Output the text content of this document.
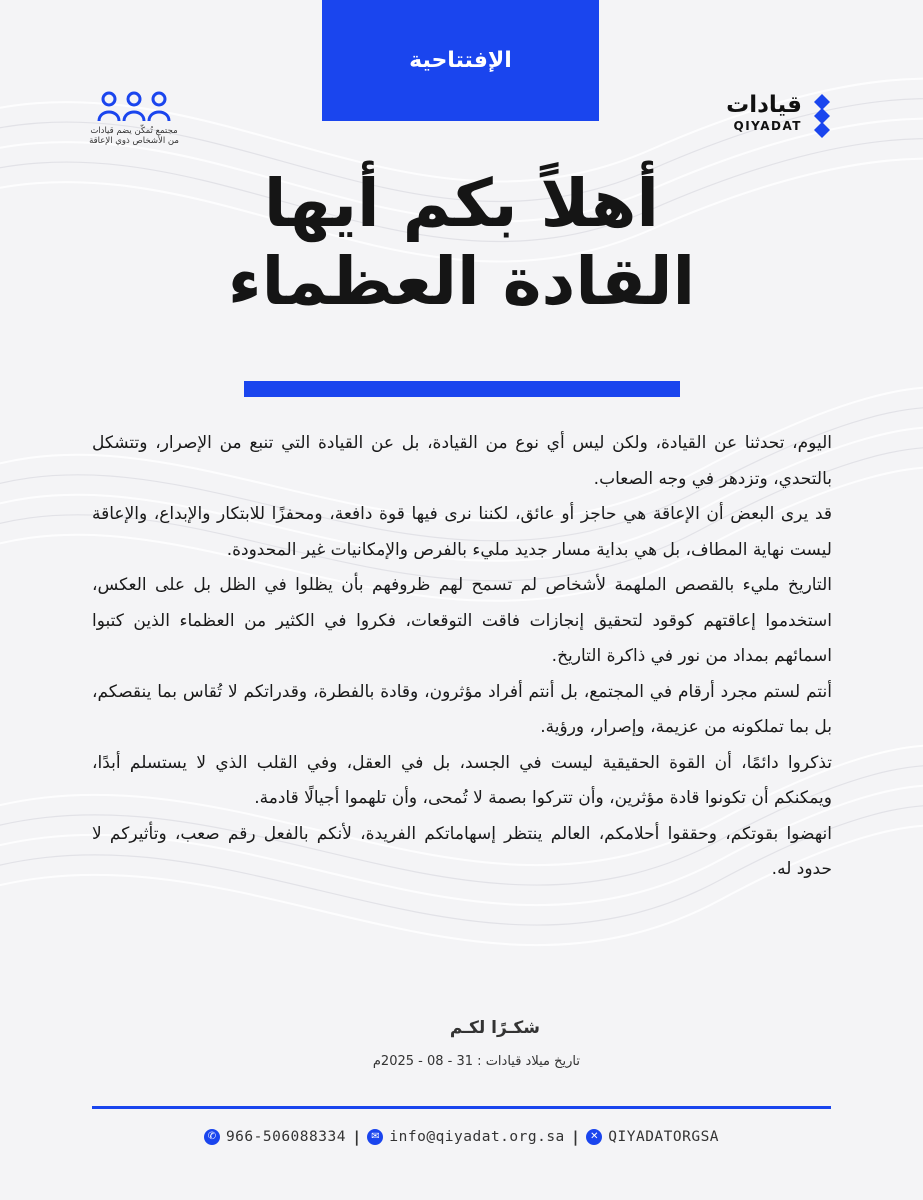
الإفتتاحية
مجتمع تُمكّن يضم قيادات
من الأشخاص ذوي الإعاقة
قيادات
QIYADAT
أهلاً بكم أيها
القادة العظماء

اليوم، تحدثنا عن القيادة، ولكن ليس أي نوع من القيادة، بل عن القيادة التي تنبع من الإصرار، وتتشكل بالتحدي، وتزدهر في وجه الصعاب.

قد يرى البعض أن الإعاقة هي حاجز أو عائق، لكننا نرى فيها قوة دافعة، ومحفزًا للابتكار والإبداع، والإعاقة ليست نهاية المطاف، بل هي بداية مسار جديد مليء بالفرص والإمكانيات غير المحدودة.

التاريخ مليء بالقصص الملهمة لأشخاص لم تسمح لهم ظروفهم بأن يظلوا في الظل بل على العكس، استخدموا إعاقتهم كوقود لتحقيق إنجازات فاقت التوقعات، فكروا في الكثير من العظماء الذين كتبوا اسمائهم بمداد من نور في ذاكرة التاريخ.

أنتم لستم مجرد أرقام في المجتمع، بل أنتم أفراد مؤثرون، وقادة بالفطرة، وقدراتكم لا تُقاس بما ينقصكم، بل بما تملكونه من عزيمة، وإصرار، ورؤية.

تذكروا دائمًا، أن القوة الحقيقية ليست في الجسد، بل في العقل، وفي القلب الذي لا يستسلم أبدًا، ويمكنكم أن تكونوا قادة مؤثرين، وأن تتركوا بصمة لا تُمحى، وأن تلهموا أجيالًا قادمة.

انهضوا بقوتكم، وحققوا أحلامكم، العالم ينتظر إسهاماتكم الفريدة، لأنكم بالفعل رقم صعب، وتأثيركم لا حدود له.

شكـرًا لكـم
تاريخ ميلاد قيادات : 31 - 08 - 2025م
✆ 966-506088334 |	✉ info@qiyadat.org.sa |	✕ QIYADATORGSA
